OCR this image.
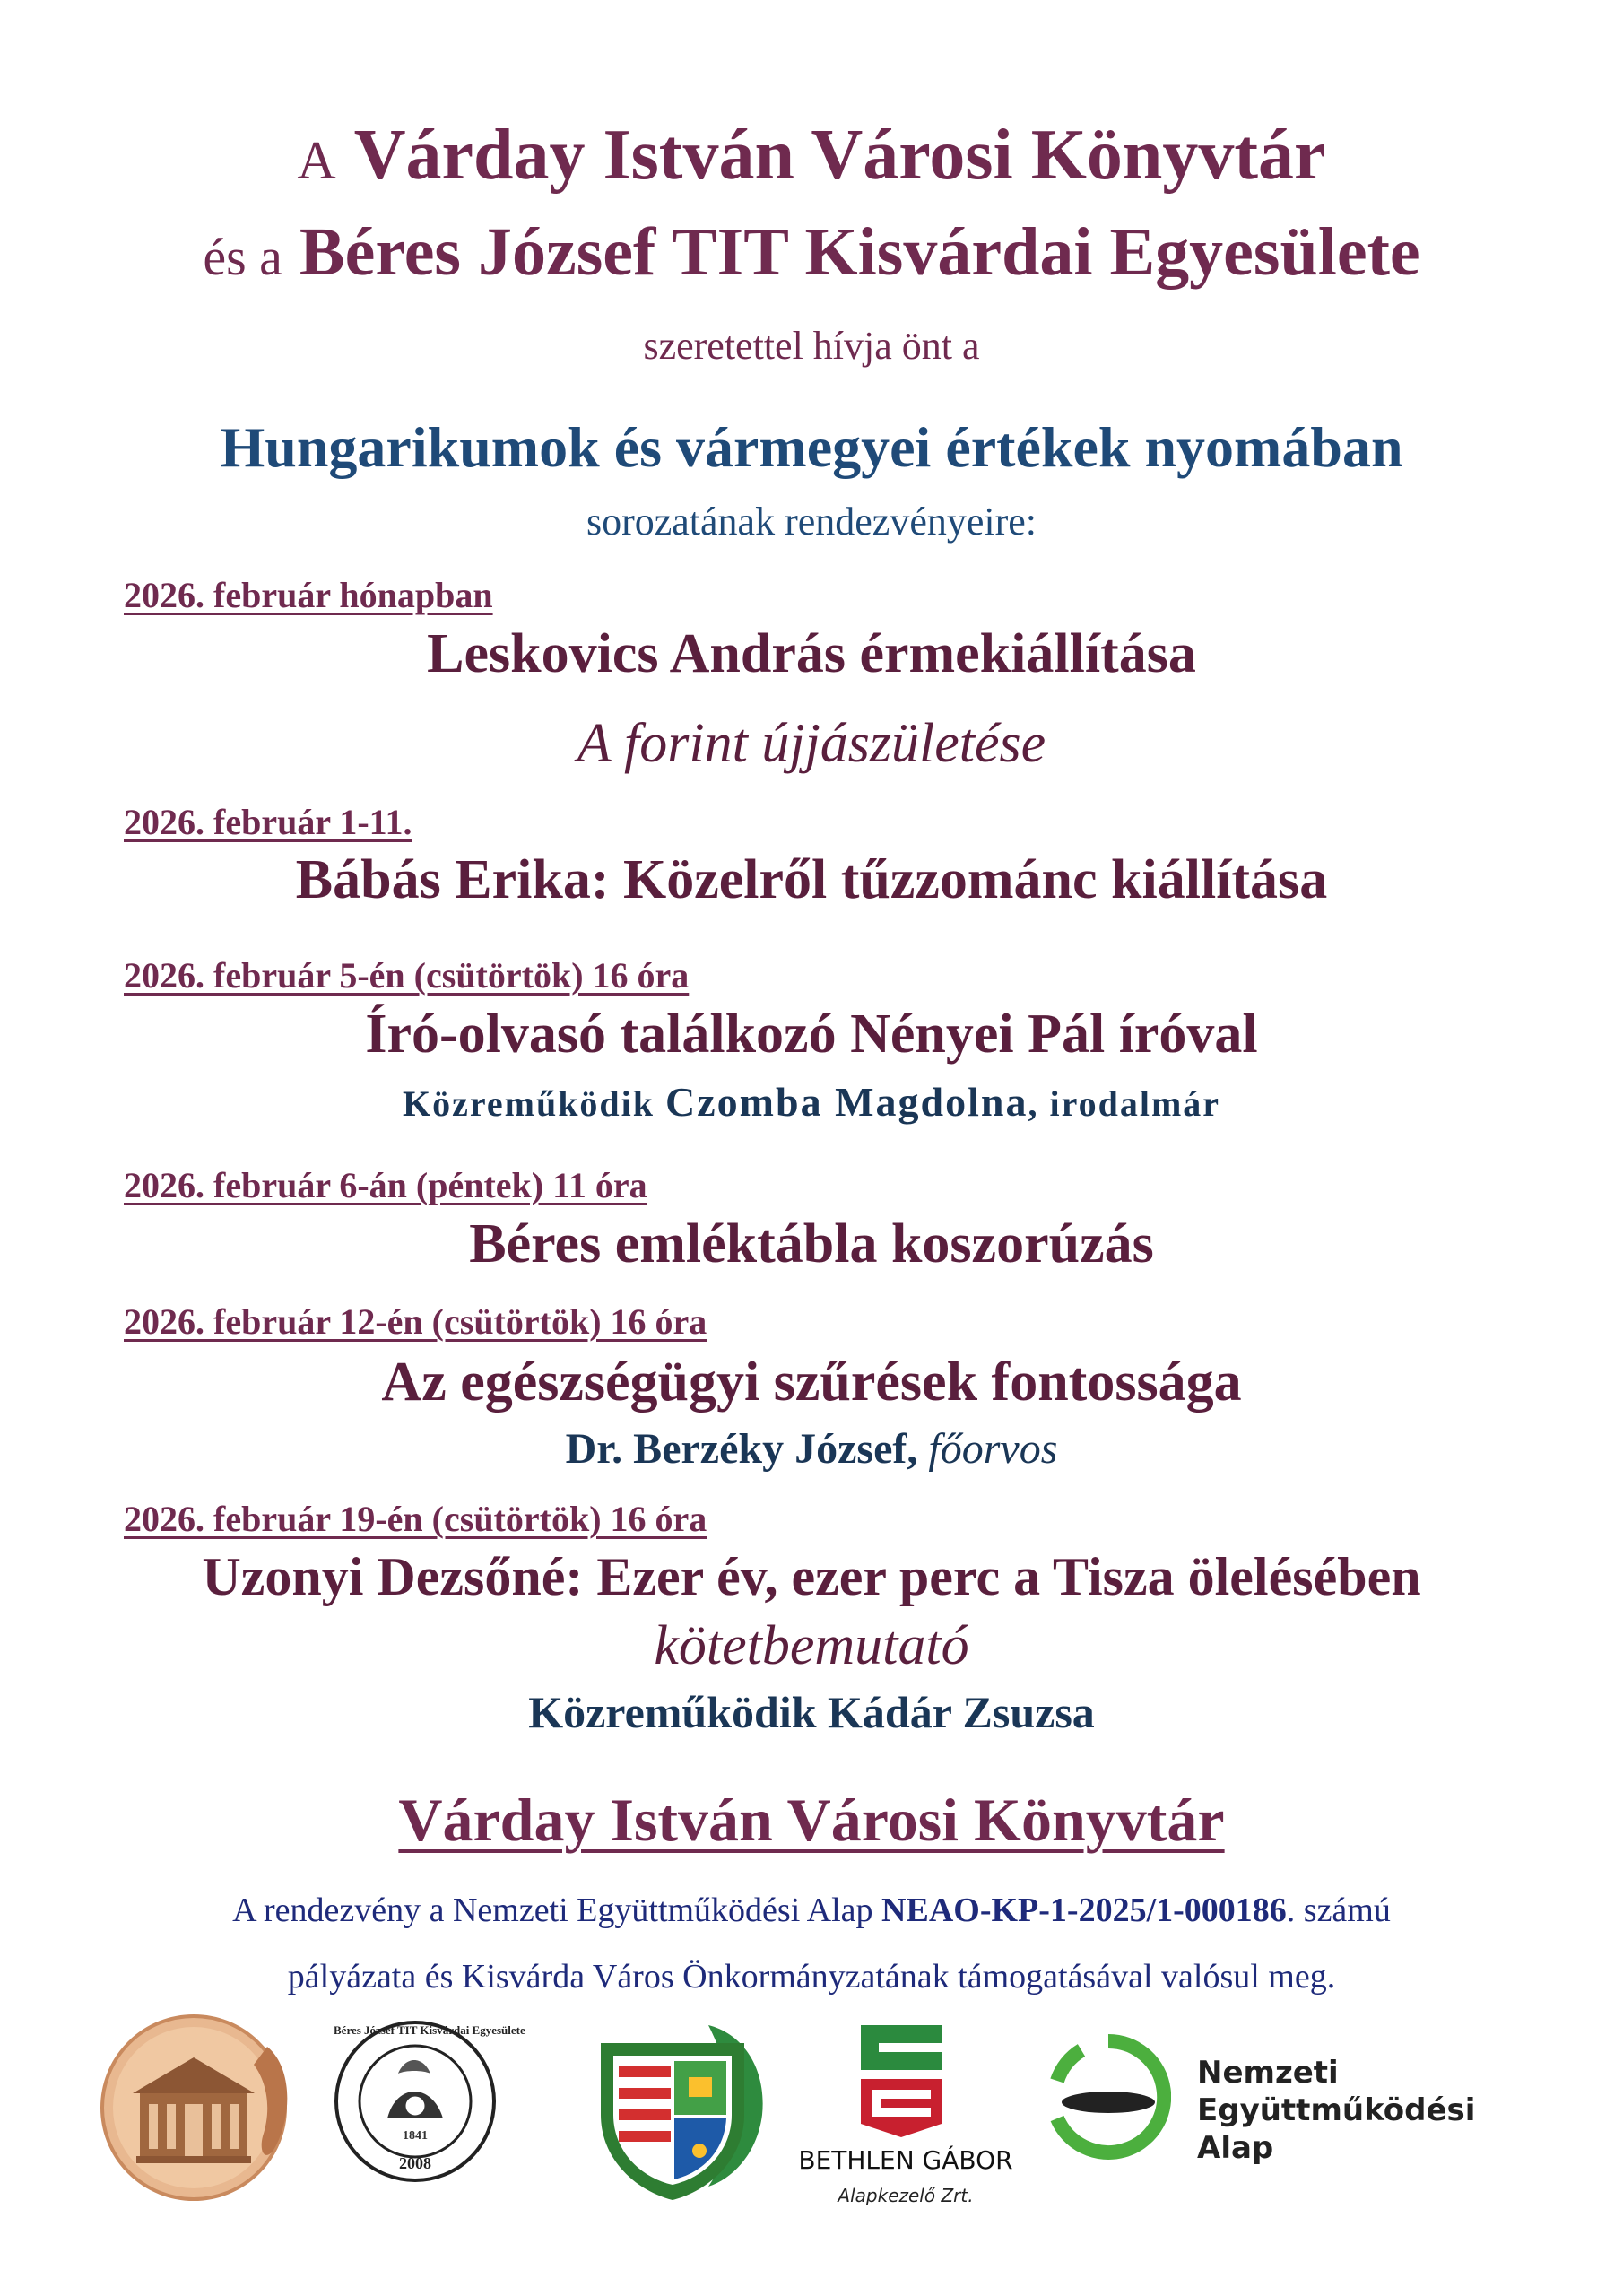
A Várday István Városi Könyvtár
és a Béres József TIT Kisvárdai Egyesülete
szeretettel hívja önt a
Hungarikumok és vármegyei értékek nyomában
sorozatának rendezvényeire:
2026. február hónapban
Leskovics András érmekiállítása
A forint újjászületése
2026. február 1-11.
Bábás Erika: Közelről tűzzománc kiállítása
2026. február 5-én (csütörtök) 16 óra
Író-olvasó találkozó Nényei Pál íróval
Közreműködik Czomba Magdolna, irodalmár
2026. február 6-án (péntek) 11 óra
Béres emléktábla koszorúzás
2026. február 12-én (csütörtök) 16 óra
Az egészségügyi szűrések fontossága
Dr. Berzéky József, főorvos
2026. február 19-én (csütörtök) 16 óra
Uzonyi Dezsőné: Ezer év, ezer perc a Tisza ölelésében
kötetbemutató
Közreműködik Kádár Zsuzsa
Várday István Városi Könyvtár
A rendezvény a Nemzeti Együttműködési Alap NEAO-KP-1-2025/1-000186. számú
pályázata és Kisvárda Város Önkormányzatának támogatásával valósul meg.
Béres József TIT Kisvárdai Egyesülete
1841
2008	BETHLEN GÁBOR
Alapkezelő Zrt.
Nemzeti
Együttműködési
Alap
